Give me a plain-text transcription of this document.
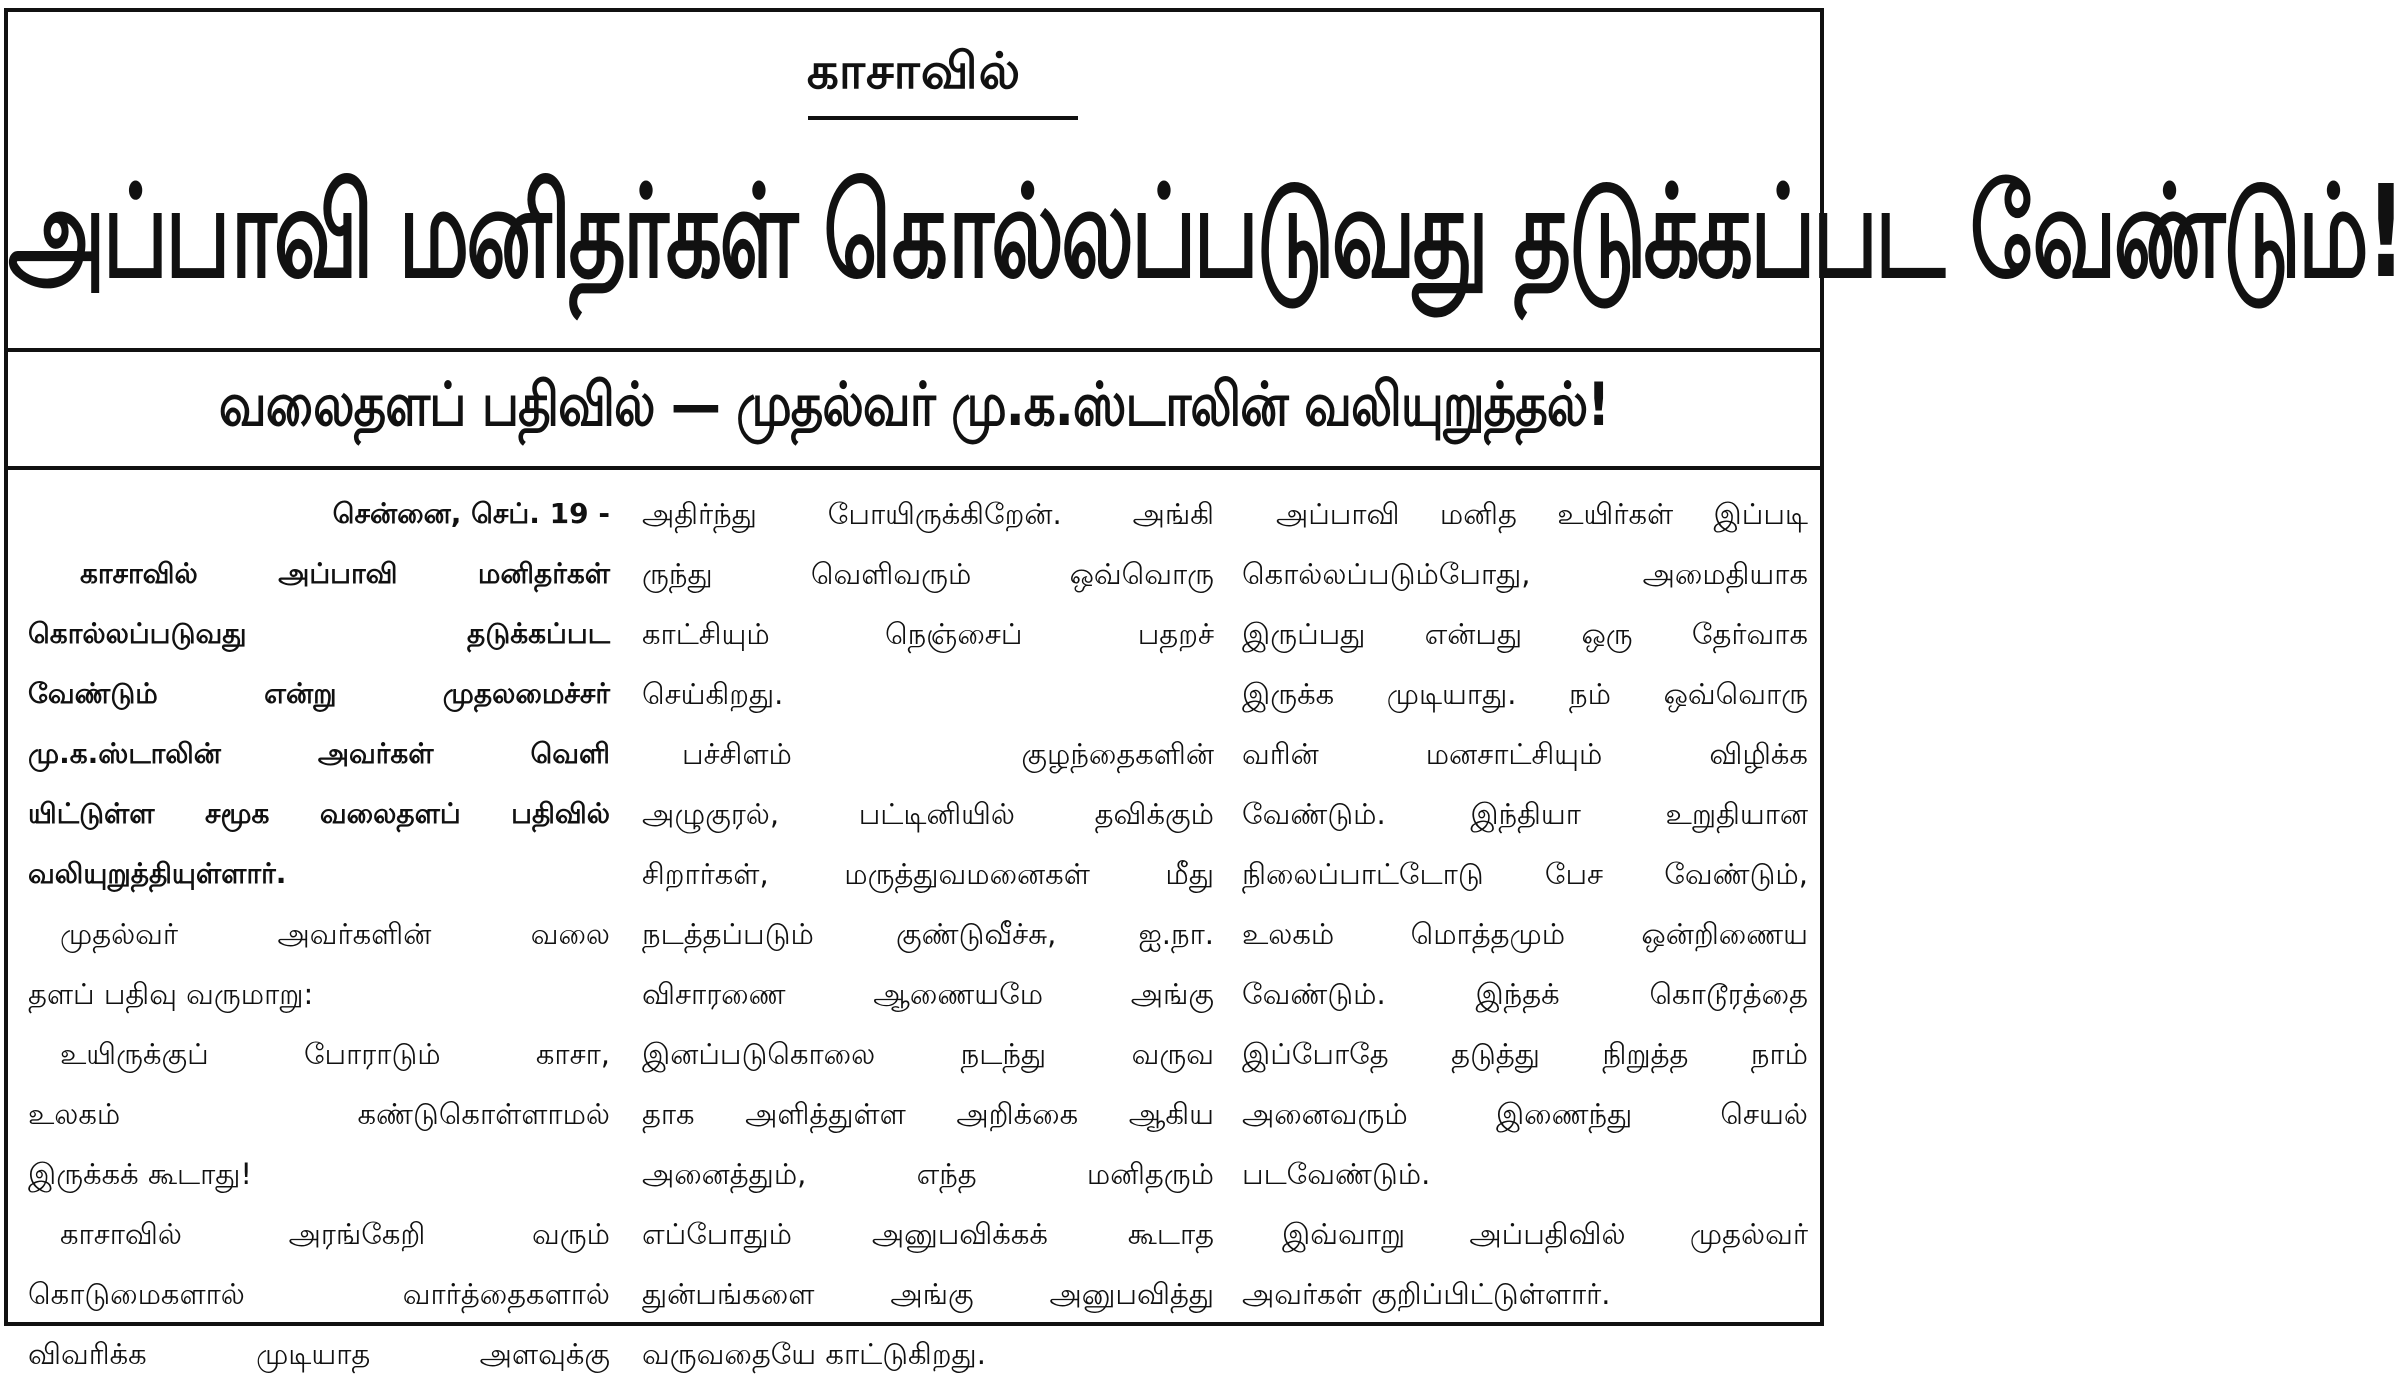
காசாவில்
அப்பாவி மனிதர்கள் கொல்லப்படுவது தடுக்கப்பட வேண்டும்!
வலைதளப் பதிவில் — முதல்வர் மு.க.ஸ்டாலின் வலியுறுத்தல்!

சென்னை, செப். 19 -

காசாவில் அப்பாவி மனிதர்கள்
கொல்லப்படுவது தடுக்கப்பட
வேண்டும் என்று முதலமைச்சர்
மு.க.ஸ்டாலின் அவர்கள் வெளி
யிட்டுள்ள சமூக வலைதளப் பதிவில்
வலியுறுத்தியுள்ளார்.

முதல்வர் அவர்களின் வலை
தளப் பதிவு வருமாறு:

உயிருக்குப் போராடும் காசா,
உலகம் கண்டுகொள்ளாமல்
இருக்கக் கூடாது!

காசாவில் அரங்கேறி வரும்
கொடுமைகளால் வார்த்தைகளால்
விவரிக்க முடியாத அளவுக்கு

அதிர்ந்து போயிருக்கிறேன். அங்கி
ருந்து வெளிவரும் ஒவ்வொரு
காட்சியும் நெஞ்சைப் பதறச்
செய்கிறது.

பச்சிளம் குழந்தைகளின்
அழுகுரல், பட்டினியில் தவிக்கும்
சிறார்கள், மருத்துவமனைகள் மீது
நடத்தப்படும் குண்டுவீச்சு, ஐ.நா.
விசாரணை ஆணையமே அங்கு
இனப்படுகொலை நடந்து வருவ
தாக அளித்துள்ள அறிக்கை ஆகிய
அனைத்தும், எந்த மனிதரும்
எப்போதும் அனுபவிக்கக் கூடாத
துன்பங்களை அங்கு அனுபவித்து
வருவதையே காட்டுகிறது.

அப்பாவி மனித உயிர்கள் இப்படி
கொல்லப்படும்போது, அமைதியாக
இருப்பது என்பது ஒரு தேர்வாக
இருக்க முடியாது. நம் ஒவ்வொரு
வரின் மனசாட்சியும் விழிக்க
வேண்டும். இந்தியா உறுதியான
நிலைப்பாட்டோடு பேச வேண்டும்,
உலகம் மொத்தமும் ஒன்றிணைய
வேண்டும். இந்தக் கொடூரத்தை
இப்போதே தடுத்து நிறுத்த நாம்
அனைவரும் இணைந்து செயல்
படவேண்டும்.

இவ்வாறு அப்பதிவில் முதல்வர்
அவர்கள் குறிப்பிட்டுள்ளார்.
